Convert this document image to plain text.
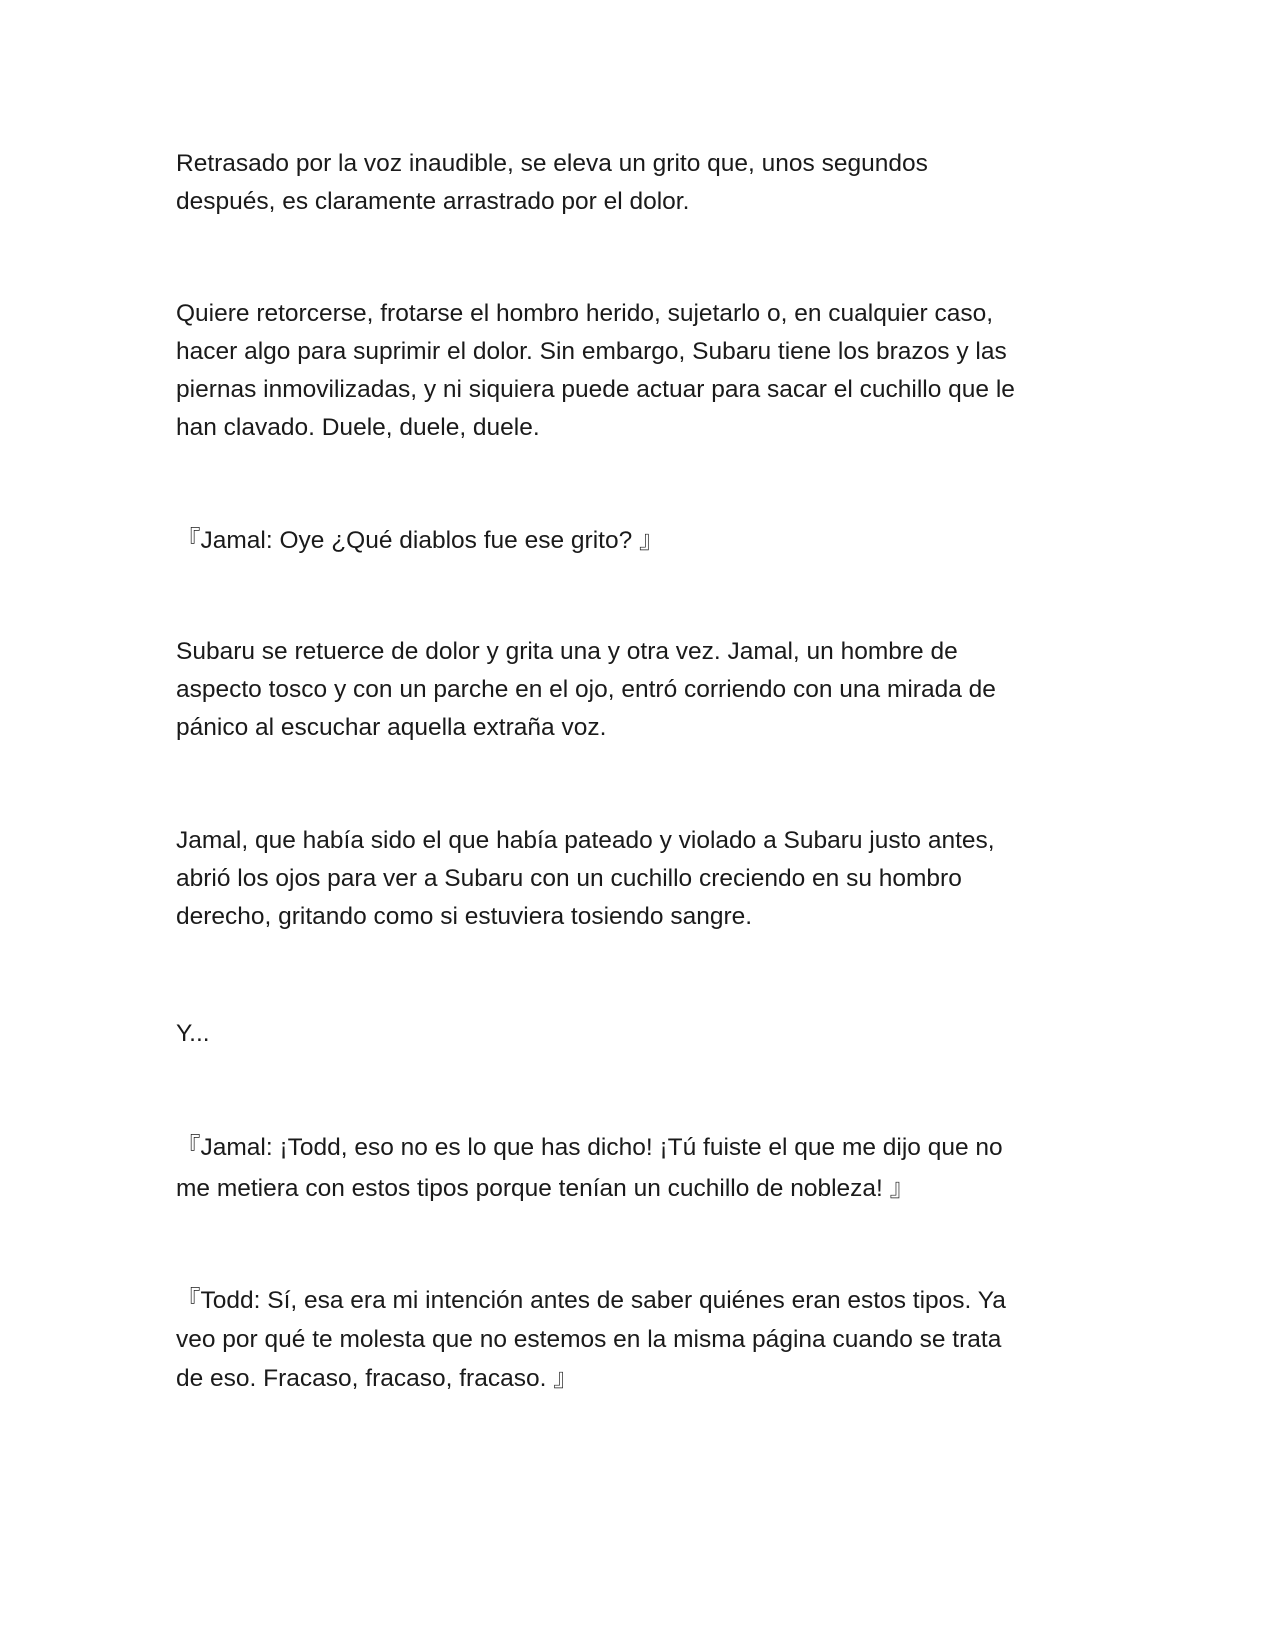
Retrasado por la voz inaudible, se eleva un grito que, unos segundos
después, es claramente arrastrado por el dolor.

Quiere retorcerse, frotarse el hombro herido, sujetarlo o, en cualquier caso,
hacer algo para suprimir el dolor. Sin embargo, Subaru tiene los brazos y las
piernas inmovilizadas, y ni siquiera puede actuar para sacar el cuchillo que le
han clavado. Duele, duele, duele.

『Jamal: Oye ¿Qué diablos fue ese grito? 』

Subaru se retuerce de dolor y grita una y otra vez. Jamal, un hombre de
aspecto tosco y con un parche en el ojo, entró corriendo con una mirada de
pánico al escuchar aquella extraña voz.

Jamal, que había sido el que había pateado y violado a Subaru justo antes,
abrió los ojos para ver a Subaru con un cuchillo creciendo en su hombro
derecho, gritando como si estuviera tosiendo sangre.

Y...

『Jamal: ¡Todd, eso no es lo que has dicho! ¡Tú fuiste el que me dijo que no
me metiera con estos tipos porque tenían un cuchillo de nobleza! 』

『Todd: Sí, esa era mi intención antes de saber quiénes eran estos tipos. Ya
veo por qué te molesta que no estemos en la misma página cuando se trata
de eso. Fracaso, fracaso, fracaso. 』
